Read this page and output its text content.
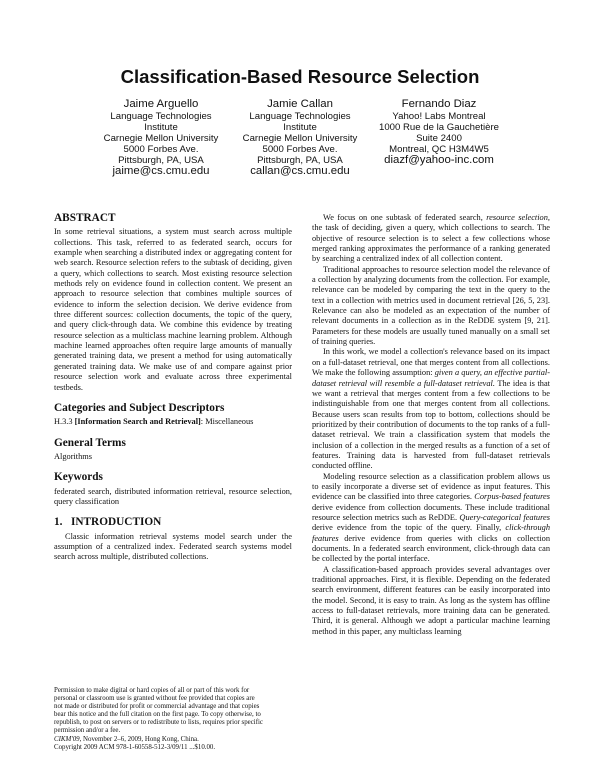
Classification-Based Resource Selection
Jaime Arguello
Language Technologies
Institute
Carnegie Mellon University
5000 Forbes Ave.
Pittsburgh, PA, USA
jaime@cs.cmu.edu
Jamie Callan
Language Technologies
Institute
Carnegie Mellon University
5000 Forbes Ave.
Pittsburgh, PA, USA
callan@cs.cmu.edu
Fernando Diaz
Yahoo! Labs Montreal
1000 Rue de la Gauchetière
Suite 2400
Montreal, QC H3M4W5
diazf@yahoo-inc.com
ABSTRACT

In some retrieval situations, a system must search across multiple collections. This task, referred to as federated search, occurs for example when searching a distributed index or aggregating content for web search. Resource selection refers to the subtask of deciding, given a query, which collections to search. Most existing resource selection methods rely on evidence found in collection content. We present an approach to resource selection that combines multiple sources of evidence to inform the selection decision. We derive evidence from three different sources: collection documents, the topic of the query, and query click-through data. We combine this evidence by treating resource selection as a multiclass machine learning problem. Although machine learned approaches often require large amounts of manually generated training data, we present a method for using automatically generated training data. We make use of and compare against prior resource selection work and evaluate across three experimental testbeds.

Categories and Subject Descriptors

H.3.3 [Information Search and Retrieval]: Miscellaneous

General Terms

Algorithms

Keywords

federated search, distributed information retrieval, resource selection, query classification

1.   INTRODUCTION

Classic information retrieval systems model search under the assumption of a centralized index. Federated search systems model search across multiple, distributed collections.

Permission to make digital or hard copies of all or part of this work for
personal or classroom use is granted without fee provided that copies are
not made or distributed for profit or commercial advantage and that copies
bear this notice and the full citation on the first page. To copy otherwise, to
republish, to post on servers or to redistribute to lists, requires prior specific
permission and/or a fee.
CIKM'09, November 2–6, 2009, Hong Kong, China.
Copyright 2009 ACM 978-1-60558-512-3/09/11 ...$10.00.

We focus on one subtask of federated search, resource selection, the task of deciding, given a query, which collections to search. The objective of resource selection is to select a few collections whose merged ranking approximates the performance of a ranking generated by searching a centralized index of all collection content.

Traditional approaches to resource selection model the relevance of a collection by analyzing documents from the collection. For example, relevance can be modeled by comparing the text in the query to the text in a collection with metrics used in document retrieval [26, 5, 23]. Relevance can also be modeled as an expectation of the number of relevant documents in a collection as in the ReDDE system [9, 21]. Parameters for these models are usually tuned manually on a small set of training queries.

In this work, we model a collection's relevance based on its impact on a full-dataset retrieval, one that merges content from all collections. We make the following assumption: given a query, an effective partial-dataset retrieval will resemble a full-dataset retrieval. The idea is that we want a retrieval that merges content from a few collections to be indistinguishable from one that merges content from all collections. Because users scan results from top to bottom, collections should be prioritized by their contribution of documents to the top ranks of a full-dataset retrieval. We train a classification system that models the inclusion of a collection in the merged results as a function of a set of features. Training data is harvested from full-dataset retrievals conducted offline.

Modeling resource selection as a classification problem allows us to easily incorporate a diverse set of evidence as input features. This evidence can be classified into three categories. Corpus-based features derive evidence from collection documents. These include traditional resource selection metrics such as ReDDE. Query-categorical features derive evidence from the topic of the query. Finally, click-through features derive evidence from queries with clicks on collection documents. In a federated search environment, click-through data can be collected by the portal interface.

A classification-based approach provides several advantages over traditional approaches. First, it is flexible. Depending on the federated search environment, different features can be easily incorporated into the model. Second, it is easy to train. As long as the system has offline access to full-dataset retrievals, more training data can be generated. Third, it is general. Although we adopt a particular machine learning method in this paper, any multiclass learning
